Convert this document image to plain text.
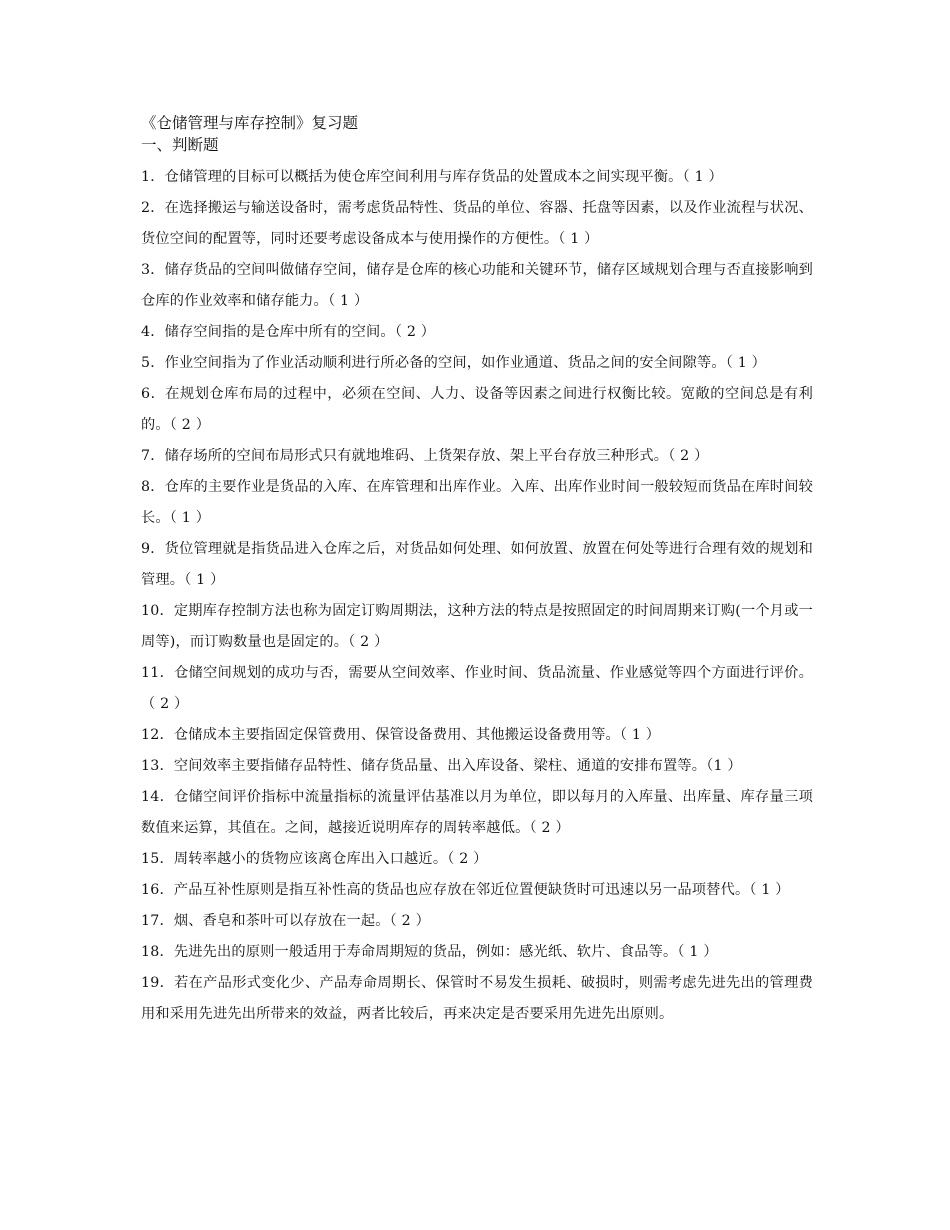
《仓储管理与库存控制》复习题
一、判断题
1．仓储管理的目标可以概括为使仓库空间利用与库存货品的处置成本之间实现平衡。（ 1 ）
2．在选择搬运与输送设备时，需考虑货品特性、货品的单位、容器、托盘等因素，以及作业流程与状况、货位空间的配置等，同时还要考虑设备成本与使用操作的方便性。（ 1 ）
3．储存货品的空间叫做储存空间，储存是仓库的核心功能和关键环节，储存区域规划合理与否直接影响到仓库的作业效率和储存能力。（ 1 ）
4．储存空间指的是仓库中所有的空间。（ 2 ）
5．作业空间指为了作业活动顺利进行所必备的空间，如作业通道、货品之间的安全间隙等。（ 1 ）
6．在规划仓库布局的过程中，必须在空间、人力、设备等因素之间进行权衡比较。宽敞的空间总是有利的。（ 2 ）
7．储存场所的空间布局形式只有就地堆码、上货架存放、架上平台存放三种形式。（ 2 ）
8．仓库的主要作业是货品的入库、在库管理和出库作业。入库、出库作业时间一般较短而货品在库时间较长。（ 1 ）
9．货位管理就是指货品进入仓库之后，对货品如何处理、如何放置、放置在何处等进行合理有效的规划和管理。（ 1 ）
10．定期库存控制方法也称为固定订购周期法，这种方法的特点是按照固定的时间周期来订购(一个月或一周等)，而订购数量也是固定的。（ 2 ）
11．仓储空间规划的成功与否，需要从空间效率、作业时间、货品流量、作业感觉等四个方面进行评价。（ 2 ）
12．仓储成本主要指固定保管费用、保管设备费用、其他搬运设备费用等。（ 1 ）
13．空间效率主要指储存品特性、储存货品量、出入库设备、梁柱、通道的安排布置等。（1 ）
14．仓储空间评价指标中流量指标的流量评估基准以月为单位，即以每月的入库量、出库量、库存量三项数值来运算，其值在。之间，越接近说明库存的周转率越低。（ 2 ）
15．周转率越小的货物应该离仓库出入口越近。（ 2 ）
16．产品互补性原则是指互补性高的货品也应存放在邻近位置便缺货时可迅速以另一品项替代。（ 1 ）
17．烟、香皂和茶叶可以存放在一起。（ 2 ）
18．先进先出的原则一般适用于寿命周期短的货品，例如：感光纸、软片、食品等。（ 1 ）
19．若在产品形式变化少、产品寿命周期长、保管时不易发生损耗、破损时，则需考虑先进先出的管理费用和采用先进先出所带来的效益，两者比较后，再来决定是否要采用先进先出原则。
